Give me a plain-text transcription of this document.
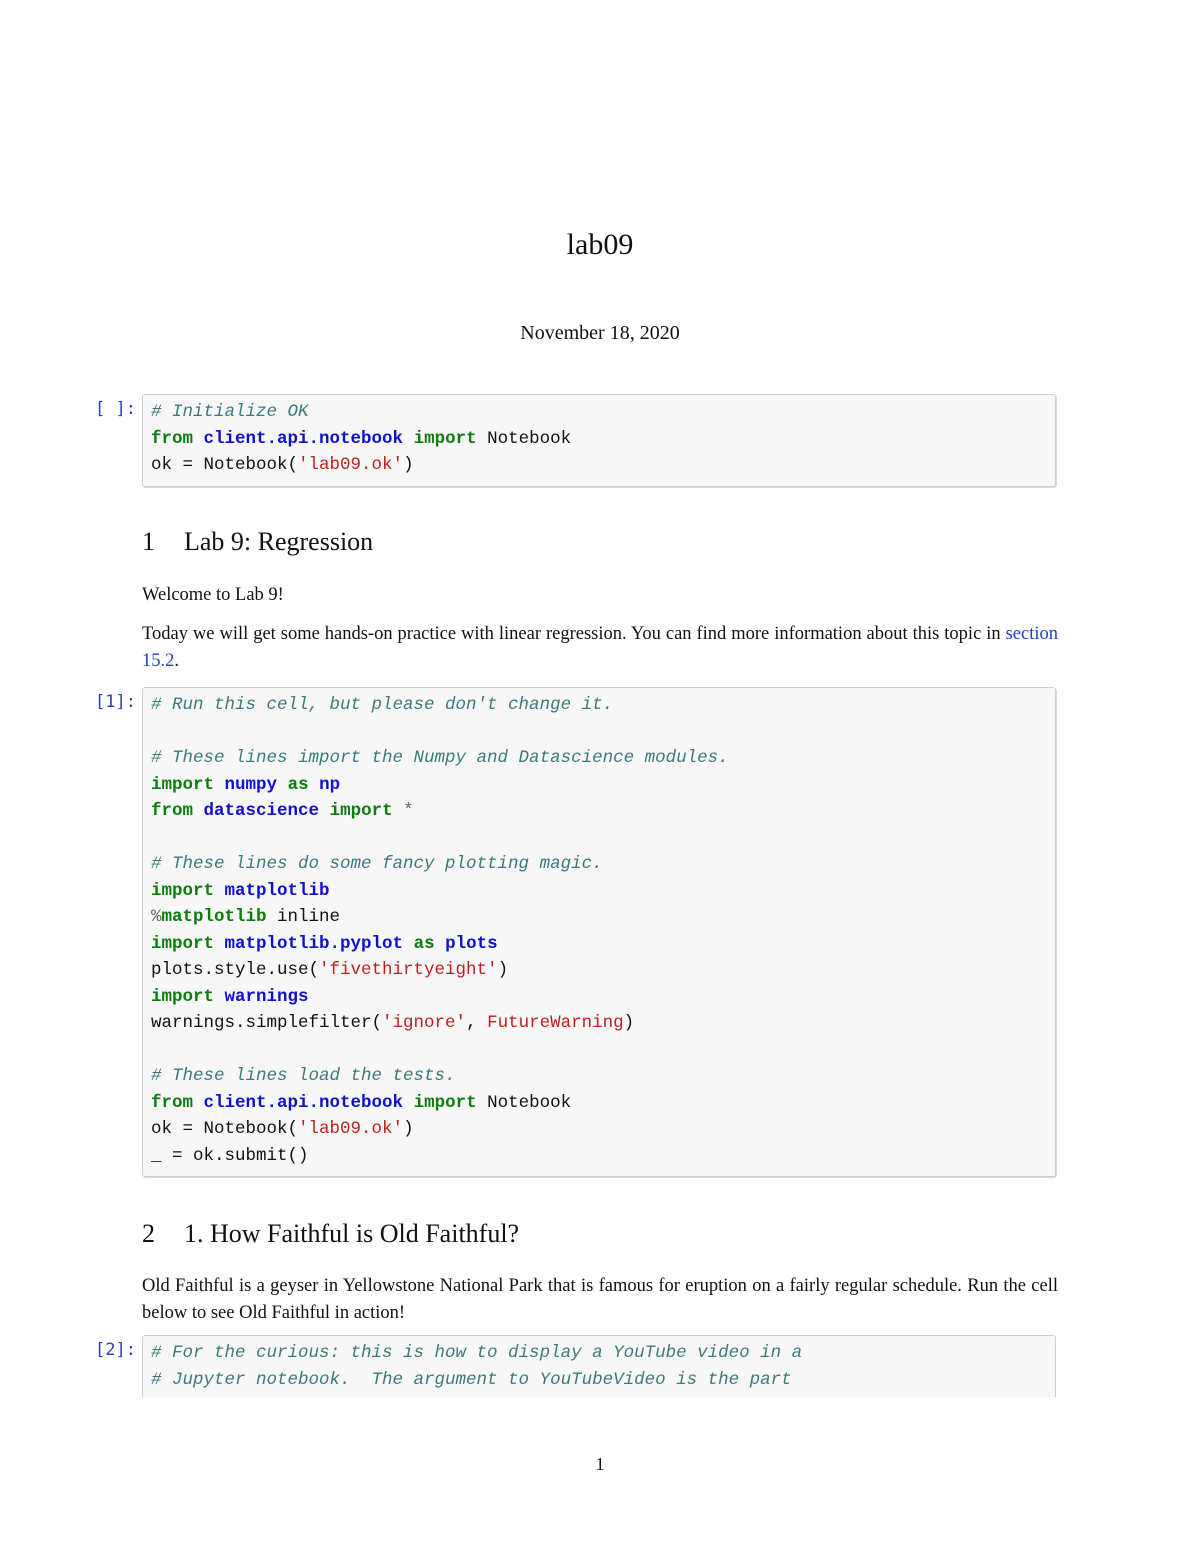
lab09
November 18, 2020
[ ]: # Initialize OK
from client.api.notebook import Notebook
ok = Notebook('lab09.ok')
1 Lab 9: Regression
Welcome to Lab 9!
Today we will get some hands-on practice with linear regression. You can find more information about this topic in section 15.2.
[1]: # Run this cell, but please don't change it.
# These lines import the Numpy and Datascience modules.
import numpy as np
from datascience import *
# These lines do some fancy plotting magic.
import matplotlib
%matplotlib inline
import matplotlib.pyplot as plots
plots.style.use('fivethirtyeight')
import warnings
warnings.simplefilter('ignore', FutureWarning)
# These lines load the tests.
from client.api.notebook import Notebook
ok = Notebook('lab09.ok')
_ = ok.submit()
2 1. How Faithful is Old Faithful?
Old Faithful is a geyser in Yellowstone National Park that is famous for eruption on a fairly regular schedule. Run the cell below to see Old Faithful in action!
[2]: # For the curious: this is how to display a YouTube video in a
# Jupyter notebook.  The argument to YouTubeVideo is the part
1
